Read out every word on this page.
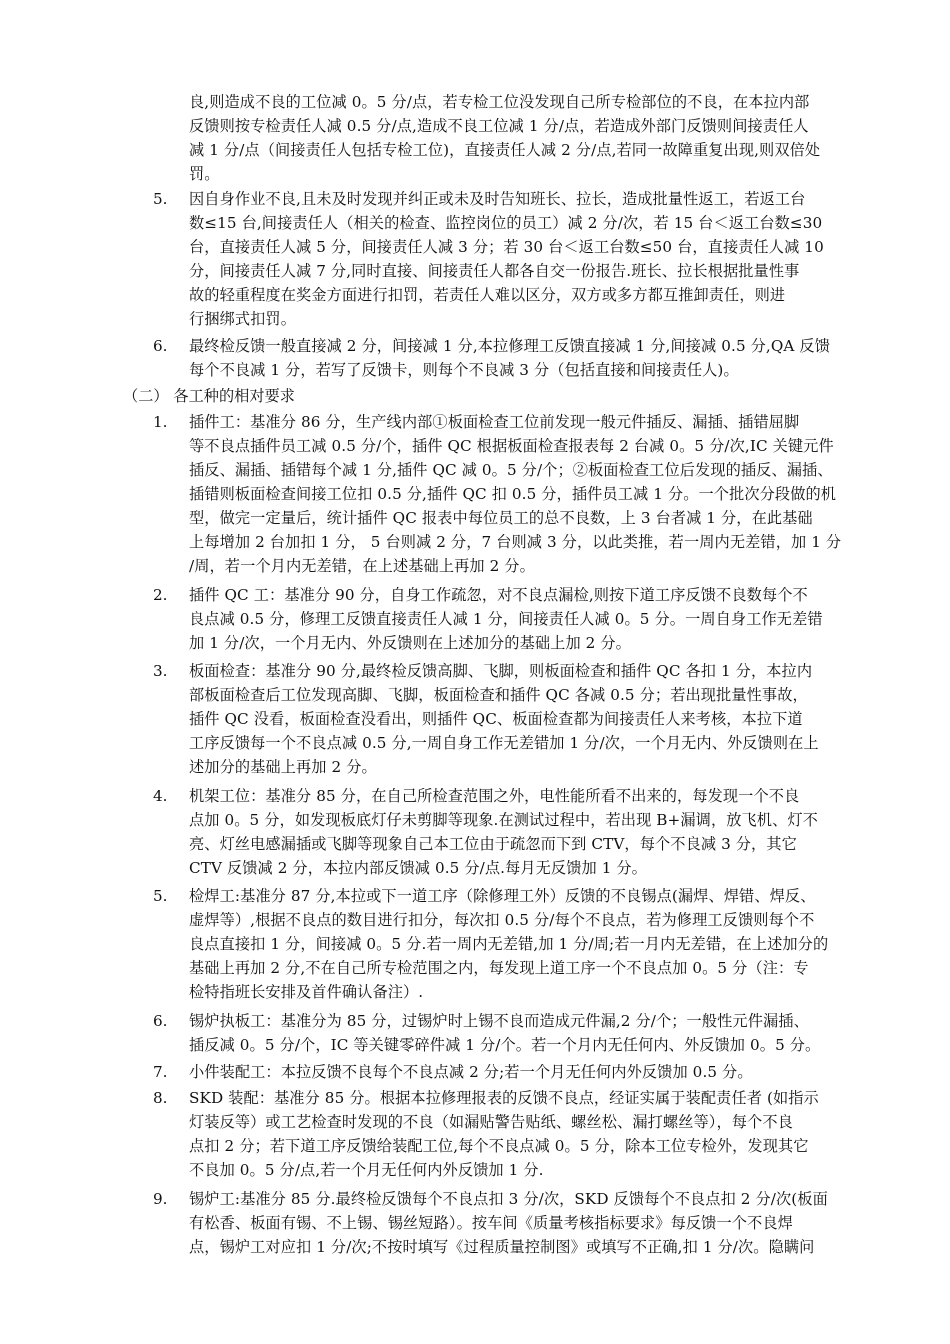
良,则造成不良的工位减 0。5 分/点，若专检工位没发现自己所专检部位的不良，在本拉内部
反馈则按专检责任人减 0.5 分/点,造成不良工位减 1 分/点，若造成外部门反馈则间接责任人
减 1 分/点（间接责任人包括专检工位)，直接责任人减 2 分/点,若同一故障重复出现,则双倍处
罚。
5. 因自身作业不良,且未及时发现并纠正或未及时告知班长、拉长，造成批量性返工，若返工台
数≤15 台,间接责任人（相关的检查、监控岗位的员工）减 2 分/次，若 15 台＜返工台数≤30
台，直接责任人减 5 分，间接责任人减 3 分；若 30 台＜返工台数≤50 台，直接责任人减 10
分，间接责任人减 7 分,同时直接、间接责任人都各自交一份报告.班长、拉长根据批量性事
故的轻重程度在奖金方面进行扣罚，若责任人难以区分，双方或多方都互推卸责任，则进
行捆绑式扣罚。
6. 最终检反馈一般直接减 2 分，间接减 1 分,本拉修理工反馈直接减 1 分,间接减 0.5 分,QA 反馈
每个不良减 1 分，若写了反馈卡，则每个不良减 3 分（包括直接和间接责任人)。
（二） 各工种的相对要求
1. 插件工：基准分 86 分，生产线内部①板面检查工位前发现一般元件插反、漏插、插错屈脚
等不良点插件员工减 0.5 分/个，插件 QC 根据板面检查报表每 2 台减 0。5 分/次,IC 关键元件
插反、漏插、插错每个减 1 分,插件 QC 减 0。5 分/个；②板面检查工位后发现的插反、漏插、
插错则板面检查间接工位扣 0.5 分,插件 QC 扣 0.5 分，插件员工减 1 分。一个批次分段做的机
型，做完一定量后，统计插件 QC 报表中每位员工的总不良数，上 3 台者减 1 分，在此基础
上每增加 2 台加扣 1 分， 5 台则减 2 分，7 台则减 3 分，以此类推，若一周内无差错，加 1 分
/周，若一个月内无差错，在上述基础上再加 2 分。
2. 插件 QC 工：基准分 90 分，自身工作疏忽，对不良点漏检,则按下道工序反馈不良数每个不
良点减 0.5 分，修理工反馈直接责任人减 1 分，间接责任人减 0。5 分。一周自身工作无差错
加 1 分/次，一个月无内、外反馈则在上述加分的基础上加 2 分。
3. 板面检查：基准分 90 分,最终检反馈高脚、飞脚，则板面检查和插件 QC 各扣 1 分，本拉内
部板面检查后工位发现高脚、飞脚，板面检查和插件 QC 各减 0.5 分；若出现批量性事故，
插件 QC 没看，板面检查没看出，则插件 QC、板面检查都为间接责任人来考核，本拉下道
工序反馈每一个不良点减 0.5 分,一周自身工作无差错加 1 分/次，一个月无内、外反馈则在上
述加分的基础上再加 2 分。
4. 机架工位：基准分 85 分，在自己所检查范围之外，电性能所看不出来的，每发现一个不良
点加 0。5 分，如发现板底灯仔未剪脚等现象.在测试过程中，若出现 B+漏调，放飞机、灯不
亮、灯丝电感漏插或飞脚等现象自己本工位由于疏忽而下到 CTV，每个不良减 3 分，其它
CTV 反馈减 2 分，本拉内部反馈减 0.5 分/点.每月无反馈加 1 分。
5. 检焊工:基准分 87 分,本拉或下一道工序（除修理工外）反馈的不良锡点(漏焊、焊错、焊反、
虚焊等）,根据不良点的数目进行扣分，每次扣 0.5 分/每个不良点，若为修理工反馈则每个不
良点直接扣 1 分，间接减 0。5 分.若一周内无差错,加 1 分/周;若一月内无差错，在上述加分的
基础上再加 2 分,不在自己所专检范围之内，每发现上道工序一个不良点加 0。5 分（注：专
检特指班长安排及首件确认备注）.
6. 锡炉执板工：基准分为 85 分，过锡炉时上锡不良而造成元件漏,2 分/个；一般性元件漏插、
插反减 0。5 分/个，IC 等关键零碎件减 1 分/个。若一个月内无任何内、外反馈加 0。5 分。
7. 小件装配工：本拉反馈不良每个不良点减 2 分;若一个月无任何内外反馈加 0.5 分。
8. SKD 装配：基准分 85 分。根据本拉修理报表的反馈不良点，经证实属于装配责任者 (如指示
灯装反等）或工艺检查时发现的不良（如漏贴警告贴纸、螺丝松、漏打螺丝等），每个不良
点扣 2 分；若下道工序反馈给装配工位,每个不良点减 0。5 分，除本工位专检外，发现其它
不良加 0。5 分/点,若一个月无任何内外反馈加 1 分.
9. 锡炉工:基准分 85 分.最终检反馈每个不良点扣 3 分/次，SKD 反馈每个不良点扣 2 分/次(板面
有松香、板面有锡、不上锡、锡丝短路）。按车间《质量考核指标要求》每反馈一个不良焊
点，锡炉工对应扣 1 分/次;不按时填写《过程质量控制图》或填写不正确,扣 1 分/次。隐瞒问
